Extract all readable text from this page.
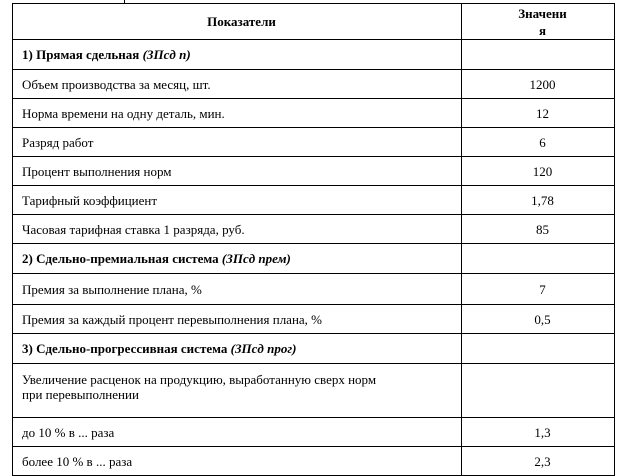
Показатели	Значени
я
1) Прямая сдельная (ЗПсд п)	
Объем производства за месяц, шт.	1200
Норма времени на одну деталь, мин.	12
Разряд работ	6
Процент выполнения норм	120
Тарифный коэффициент	1,78
Часовая тарифная ставка 1 разряда, руб.	85
2) Сдельно-премиальная система (ЗПсд прем)	
Премия за выполнение плана, %	7
Премия за каждый процент перевыполнения плана, %	0,5
3) Сдельно-прогрессивная система (ЗПсд прог)	
Увеличение расценок на продукцию, выработанную сверх норм
при перевыполнении	
до 10 % в ... раза	1,3
более 10 % в ... раза	2,3
